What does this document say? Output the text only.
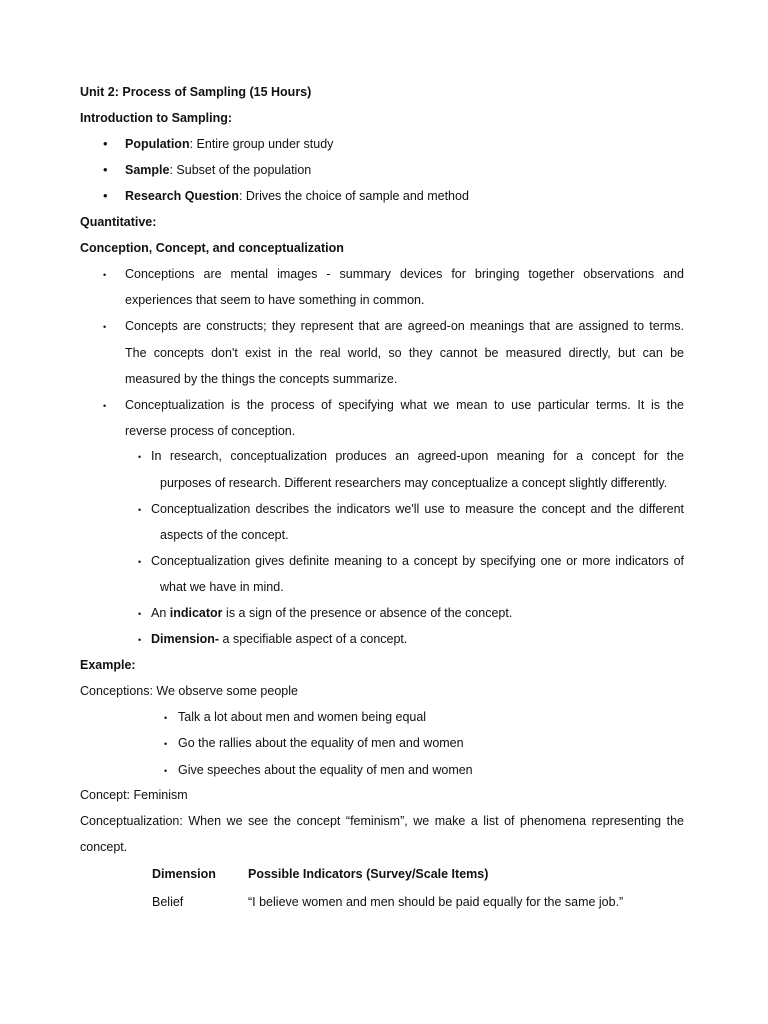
Unit 2: Process of Sampling (15 Hours)
Introduction to Sampling:
• Population: Entire group under study
• Sample: Subset of the population
• Research Question: Drives the choice of sample and method
Quantitative:
Conception, Concept, and conceptualization
• Conceptions are mental images - summary devices for bringing together observations and
experiences that seem to have something in common.
• Concepts are constructs; they represent that are agreed-on meanings that are assigned to terms.
The concepts don't exist in the real world, so they cannot be measured directly, but can be
measured by the things the concepts summarize.
• Conceptualization is the process of specifying what we mean to use particular terms. It is the
reverse process of conception.
• In research, conceptualization produces an agreed-upon meaning for a concept for the
purposes of research. Different researchers may conceptualize a concept slightly differently.
• Conceptualization describes the indicators we'll use to measure the concept and the different
aspects of the concept.
• Conceptualization gives definite meaning to a concept by specifying one or more indicators of
what we have in mind.
• An indicator is a sign of the presence or absence of the concept.
• Dimension- a specifiable aspect of a concept.
Example:
Conceptions: We observe some people
• Talk a lot about men and women being equal
• Go the rallies about the equality of men and women
• Give speeches about the equality of men and women
Concept: Feminism
Conceptualization: When we see the concept “feminism”, we make a list of phenomena representing the
concept.
Dimension	Possible Indicators (Survey/Scale Items)
Belief	“I believe women and men should be paid equally for the same job.”
